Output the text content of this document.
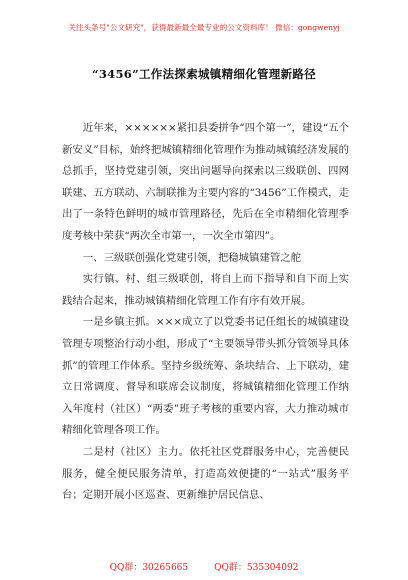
关注头条号"公文研究"，获得最新最全最专业的公文资料库！ 微信：gongwenyj
“3456”工作法探索城镇精细化管理新路径

近年来，××××××紧扣县委拼争“四个第一”，建设“五个新安义”目标，始终把城镇精细化管理作为推动城镇经济发展的总抓手，坚持党建引领，突出问题导向探索以三级联创、四网联建、五方联动、六制联推为主要内容的“3456”工作模式，走出了一条特色鲜明的城市管理路径，先后在全市精细化管理季度考核中荣获“两次全市第一，一次全市第四”。

一、三级联创强化党建引领，把稳城镇建管之舵

实行镇、村、组三级联创，将自上而下指导和自下而上实践结合起来，推动城镇精细化管理工作有序有效开展。

一是乡镇主抓。×××成立了以党委书记任组长的城镇建设管理专项整治行动小组，形成了“主要领导带头抓分管领导具体抓”的管理工作体系。坚持乡级统筹、条块结合、上下联动，建立日常调度、督导和联席会议制度，将城镇精细化管理工作纳入年度村（社区）“两委”班子考核的重要内容，大力推动城市精细化管理各项工作。

二是村（社区）主力。依托社区党群服务中心，完善便民服务，健全便民服务清单，打造高效便捷的“一站式”服务平台；定期开展小区巡查、更新维护居民信息、

QQ群：30265665	QQ群：535304092
